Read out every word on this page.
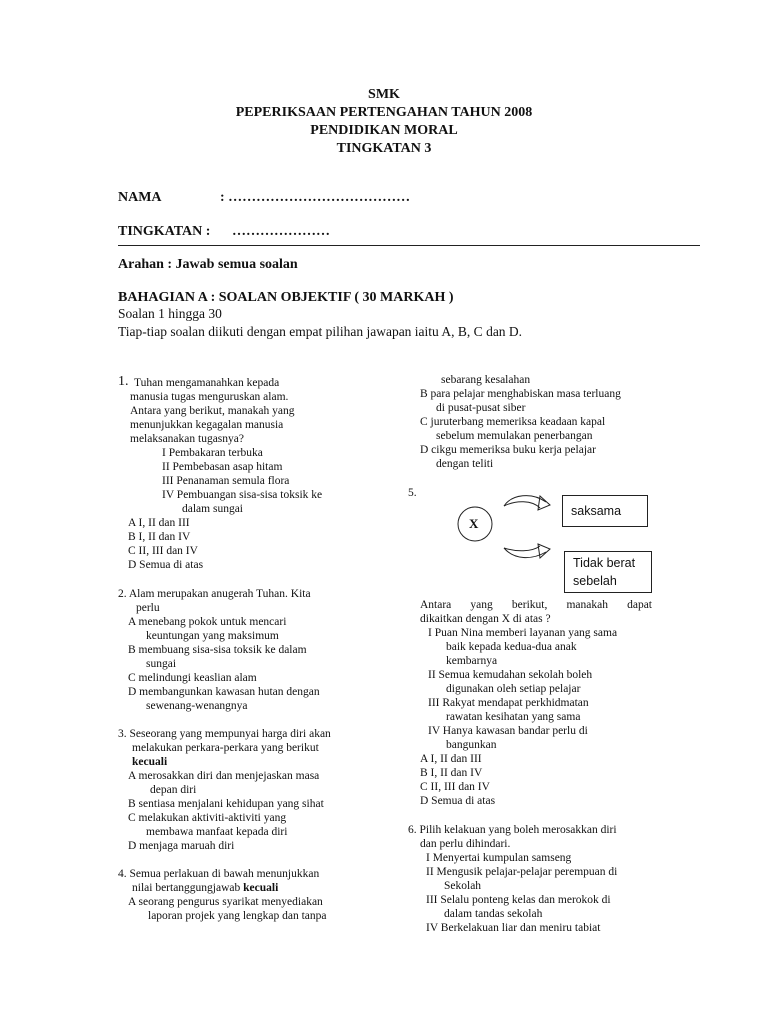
SMK
PEPERIKSAAN PERTENGAHAN TAHUN 2008
PENDIDIKAN MORAL
TINGKATAN 3
NAMA	: …………………………………
TINGKATAN : …………………
Arahan : Jawab semua soalan
BAHAGIAN A : SOALAN OBJEKTIF ( 30 MARKAH )
Soalan 1 hingga 30
Tiap-tiap soalan diikuti dengan empat pilihan jawapan iaitu A, B, C dan D.
1. Tuhan mengamanahkan kepada
manusia tugas menguruskan alam.
Antara yang berikut, manakah yang
menunjukkan kegagalan manusia
melaksanakan tugasnya?
I Pembakaran terbuka
II Pembebasan asap hitam
III Penanaman semula flora
IV Pembuangan sisa-sisa toksik ke
dalam sungai
A I, II dan III
B I, II dan IV
C II, III dan IV
D Semua di atas
2. Alam merupakan anugerah Tuhan. Kita
perlu
A menebang pokok untuk mencari
keuntungan yang maksimum
B membuang sisa-sisa toksik ke dalam
sungai
C melindungi keaslian alam
D membangunkan kawasan hutan dengan
sewenang-wenangnya
3. Seseorang yang mempunyai harga diri akan
melakukan perkara-perkara yang berikut
kecuali
A merosakkan diri dan menjejaskan masa
depan diri
B sentiasa menjalani kehidupan yang sihat
C melakukan aktiviti-aktiviti yang
membawa manfaat kepada diri
D menjaga maruah diri
4. Semua perlakuan di bawah menunjukkan
nilai bertanggungjawab kecuali
A seorang pengurus syarikat menyediakan
laporan projek yang lengkap dan tanpa
sebarang kesalahan
B para pelajar menghabiskan masa terluang
di pusat-pusat siber
C juruterbang memeriksa keadaan kapal
sebelum memulakan penerbangan
D cikgu memeriksa buku kerja pelajar
dengan teliti
5.
X
saksama
Tidak berat
sebelah
Antara yang berikut, manakah dapat
dikaitkan dengan X di atas ?
I Puan Nina memberi layanan yang sama
baik kepada kedua-dua anak
kembarnya
II Semua kemudahan sekolah boleh
digunakan oleh setiap pelajar
III Rakyat mendapat perkhidmatan
rawatan kesihatan yang sama
IV Hanya kawasan bandar perlu di
bangunkan
A I, II dan III
B I, II dan IV
C II, III dan IV
D Semua di atas
6. Pilih kelakuan yang boleh merosakkan diri
dan perlu dihindari.
I Menyertai kumpulan samseng
II Mengusik pelajar-pelajar perempuan di
Sekolah
III Selalu ponteng kelas dan merokok di
dalam tandas sekolah
IV Berkelakuan liar dan meniru tabiat
